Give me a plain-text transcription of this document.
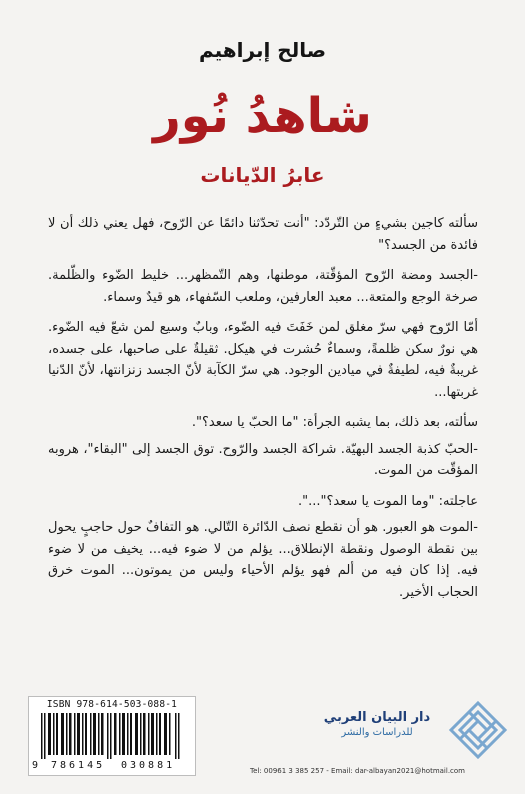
صالح إبراهيم
شاهدُ نُور
عابرُ الدّيانات

سألته كاجين بشيءٍ من التّردّد: "أنت تحدّثنا دائمًا عن الرّوح، فهل يعني ذلك أن لا فائدة من الجسد؟"

-الجسد ومضة الرّوح المؤقّتة، موطنها، وهم التّمظهر... خليط الضّوء والظّلمة. صرخة الوجع والمتعة... معبد العارفين، وملعب السّفهاء، هو قيدٌ وسماء.

أمّا الرّوح فهي سرّ مغلق لمن خَفَتَ فيه الضّوء، وبابٌ وسيع لمن شعّ فيه الضّوء. هي نورٌ سكن ظلمةً، وسماءٌ حُشرت في هيكل. ثقيلةٌ على صاحبها، على جسده، غريبةٌ فيه، لطيفةٌ في ميادين الوجود. هي سرّ الكآبة لأنّ الجسد زنزانتها، لأنّ الدّنيا غربتها...

سألته، بعد ذلك، بما يشبه الجرأة: "ما الحبّ يا سعد؟".

-الحبّ كذبة الجسد البهيّة. شراكة الجسد والرّوح. توق الجسد إلى "البقاء"، هروبه المؤقّت من الموت.

عاجلته: "وما الموت يا سعد؟"...".

-الموت هو العبور. هو أن نقطع نصف الدّائرة التّالي. هو التفافٌ حول حاجبٍ يحول بين نقطة الوصول ونقطة الإنطلاق... يؤلم من لا ضوء فيه... يخيف من لا ضوء فيه. إذا كان فيه من ألم فهو يؤلم الأحياء وليس من يموتون... الموت خرق الحجاب الأخير.

ISBN 978-614-503-088-1
9 786145 030881
دار البيان العربي
للدراسات والنشر
Tel: 00961 3 385 257 - Email: dar-albayan2021@hotmail.com
